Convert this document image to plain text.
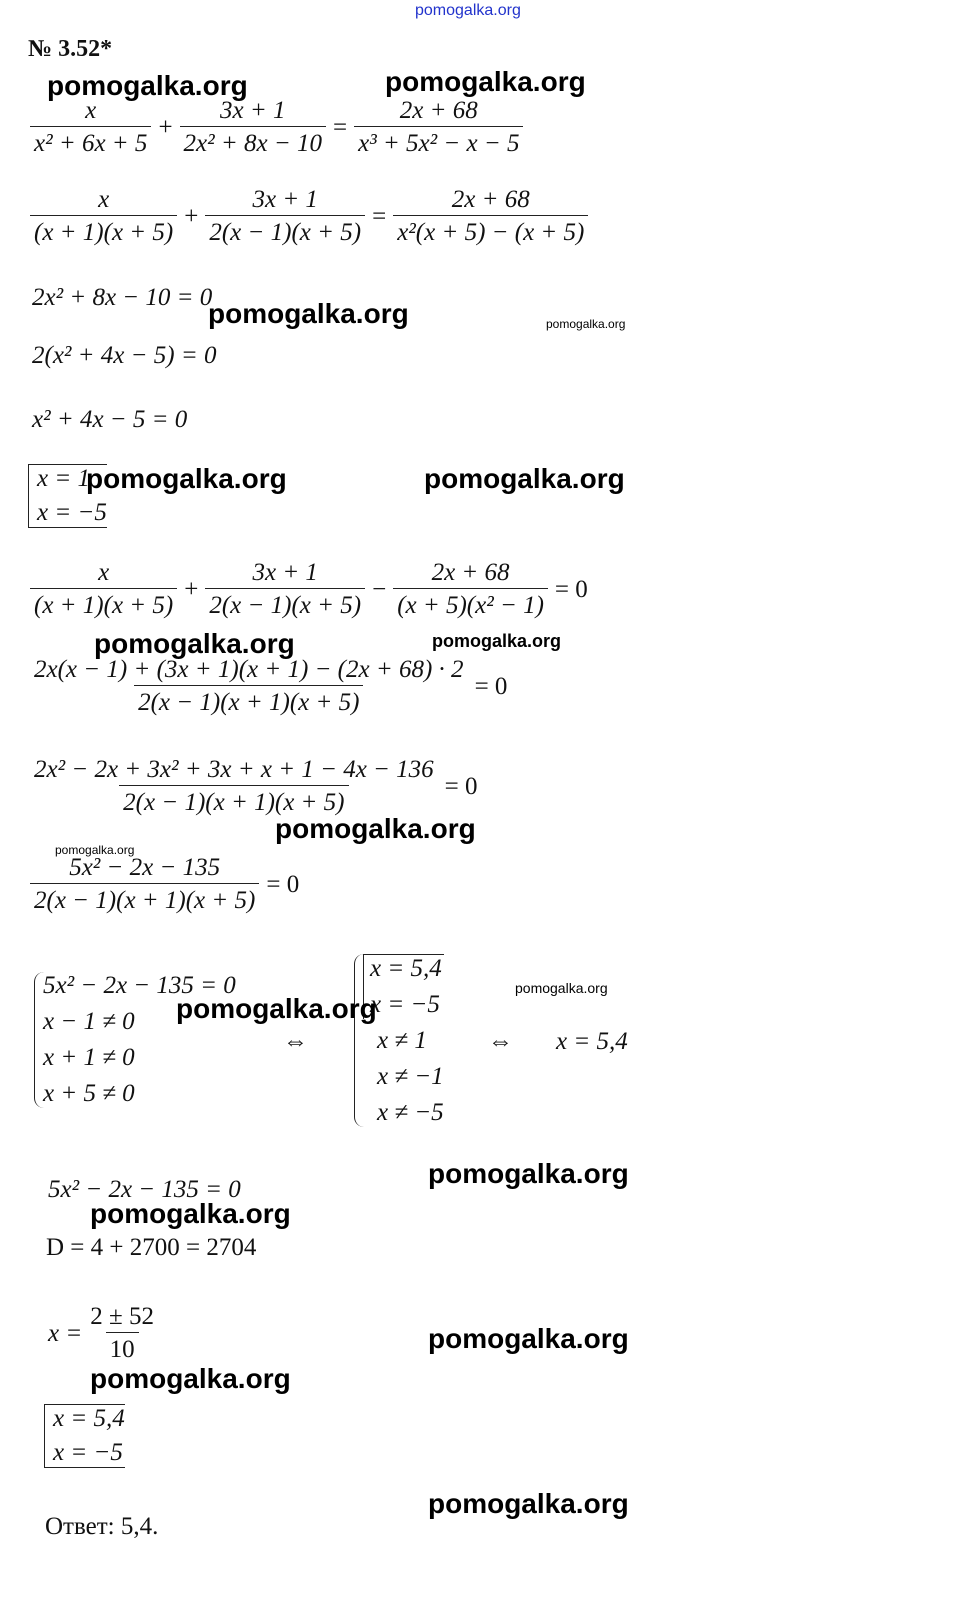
pomogalka.org
№ 3.52*
$\frac{x}{\text{x² + 6x + 5}} + \frac{3x + 1}{\text{2x² + 8x − 10}} = \frac{2x + 68}{\text{x³ + 5x² − x − 5}}$
$\frac{x}{(x + 1)(x + 5)} + \frac{3x + 1}{2(x - 1)(x + 5)} = \frac{2x + 68}{\text{x²(x + 5) − (x + 5)}}$
2x² + 8x − 10 = 0
2(x² + 4x − 5) = 0
x² + 4x − 5 = 0
x = 1
x = −5
$\frac{x}{(x + 1)(x + 5)} + \frac{3x + 1}{2(x - 1)(x + 5)} - \frac{2x + 68}{\text{(x + 5)(x² − 1)}} = 0$
$\frac{2x(x - 1) + (3x + 1)(x + 1) - (2x + 68) \cdot 2}{2(x - 1)(x + 1)(x + 5)} = 0$
$\frac{\text{2x² − 2x + 3x² + 3x + x + 1 − 4x − 136}}{2(x - 1)(x + 1)(x + 5)} = 0$
$\frac{\text{5x² − 2x − 135}}{2(x - 1)(x + 1)(x + 5)} = 0$
5x² − 2x − 135 = 0
x − 1 ≠ 0
x + 1 ≠ 0
x + 5 ≠ 0
⇔
x = 5,4
x = −5
x ≠ 1
x ≠ −1
x ≠ −5
⇔ x = 5,4
5x² − 2x − 135 = 0
D = 4 + 2700 = 2704
$x = \frac{2 \pm 52}{10}$
x = 5,4
x = −5
Ответ: 5,4.
pomogalka.org	pomogalka.org
pomogalka.org	pomogalka.org
pomogalka.org	pomogalka.org
pomogalka.org	pomogalka.org
pomogalka.org
pomogalka.org
pomogalka.org
pomogalka.org
pomogalka.org
pomogalka.org
pomogalka.org
pomogalka.org
pomogalka.org
